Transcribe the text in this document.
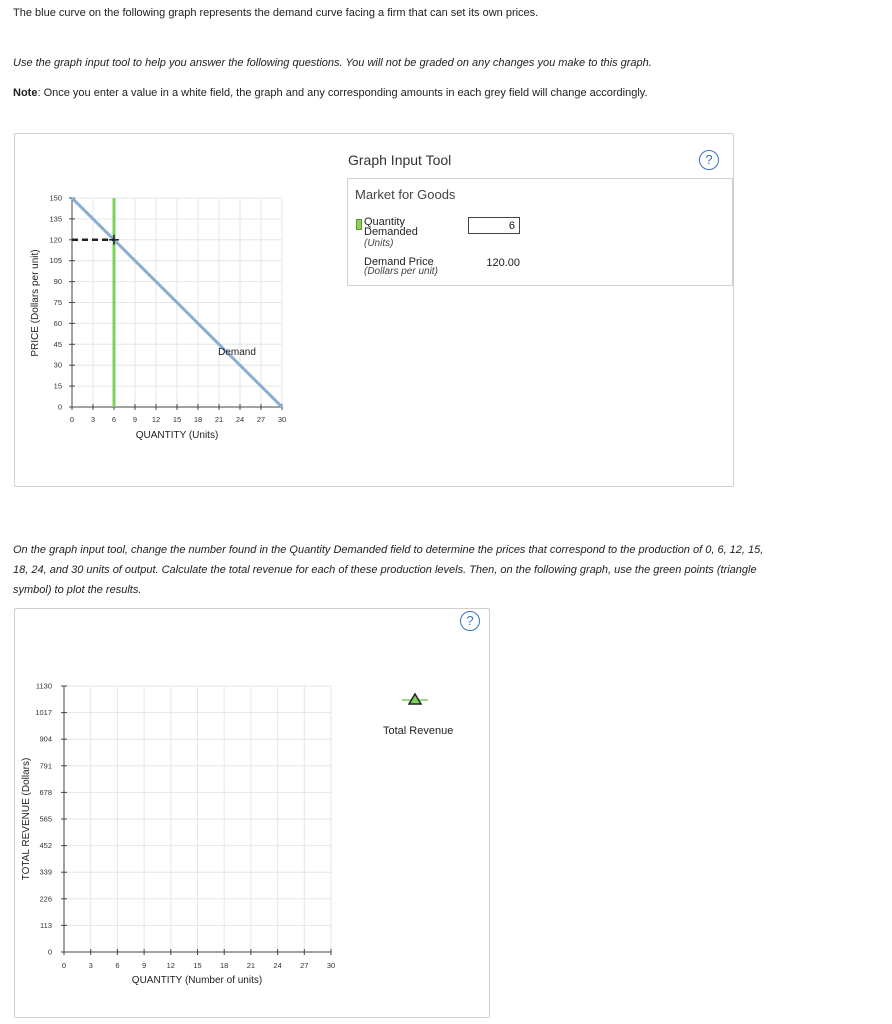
The blue curve on the following graph represents the demand curve facing a firm that can set its own prices.
Use the graph input tool to help you answer the following questions. You will not be graded on any changes you make to this graph.
Note: Once you enter a value in a white field, the graph and any corresponding amounts in each grey field will change accordingly.
0 3 6 9 12 15 18 21 24 27 30
0
15
30
45
60
75
90
105
120
135
150
QUANTITY (Units)
PRICE (Dollars per unit)	Demand
Graph Input Tool	?
Market for Goods
Quantity Demanded
(Units)
6
Demand Price
(Dollars per unit)
120.00
On the graph input tool, change the number found in the Quantity Demanded field to determine the prices that correspond to the production of 0, 6, 12, 15, 18, 24, and 30 units of output. Calculate the total revenue for each of these production levels. Then, on the following graph, use the green points (triangle symbol) to plot the results.
?
0	3	6	9	12 15 18 21 24 27 30
0
113
226
339
452
565
678
791
904
1017
1130
QUANTITY (Number of units)
TOTAL REVENUE (Dollars)
Total Revenue
